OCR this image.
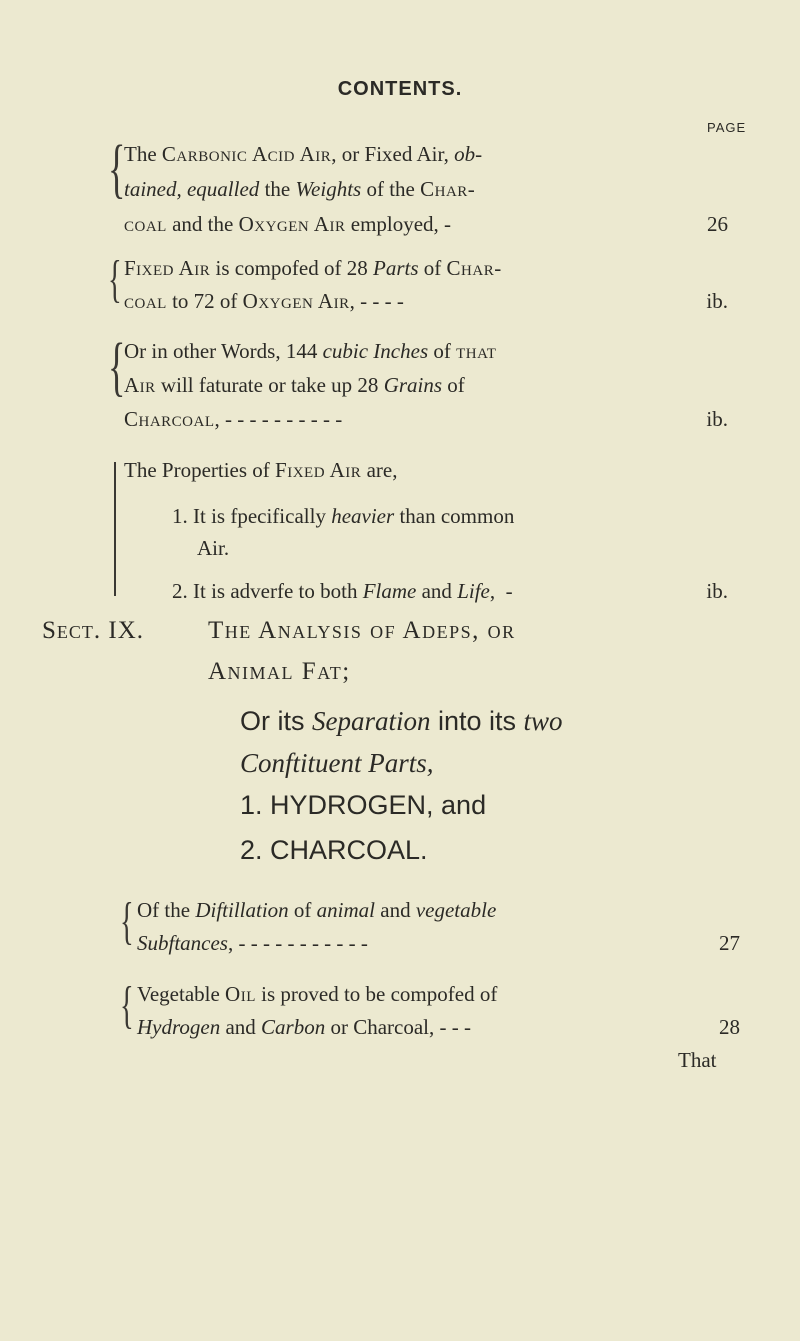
CONTENTS.
PAGE
{
The Carbonic Acid Air, or Fixed Air, ob-
tained, equalled the Weights of the Char-
coal and the Oxygen Air employed, -	26
{ Fixed Air is compofed of 28 Parts of Char-
coal to 72 of Oxygen Air, - - - -	ib.
{
Or in other Words, 144 cubic Inches of that
Air will faturate or take up 28 Grains of
Charcoal, - - - - - - - - - -	ib.
The Properties of Fixed Air are,
1. It is fpecifically heavier than common
Air.
2. It is adverfe to both Flame and Life,  -	ib.
Sect. IX.	The Analysis of Adeps, or
Animal Fat;
Or its Separation into its two
Conftituent Parts,
1. HYDROGEN, and
2. CHARCOAL.
{ Of the Diftillation of animal and vegetable
Subftances, - - - - - - - - - - -	27
{ Vegetable Oil is proved to be compofed of
Hydrogen and Carbon or Charcoal, - - -	28
That
